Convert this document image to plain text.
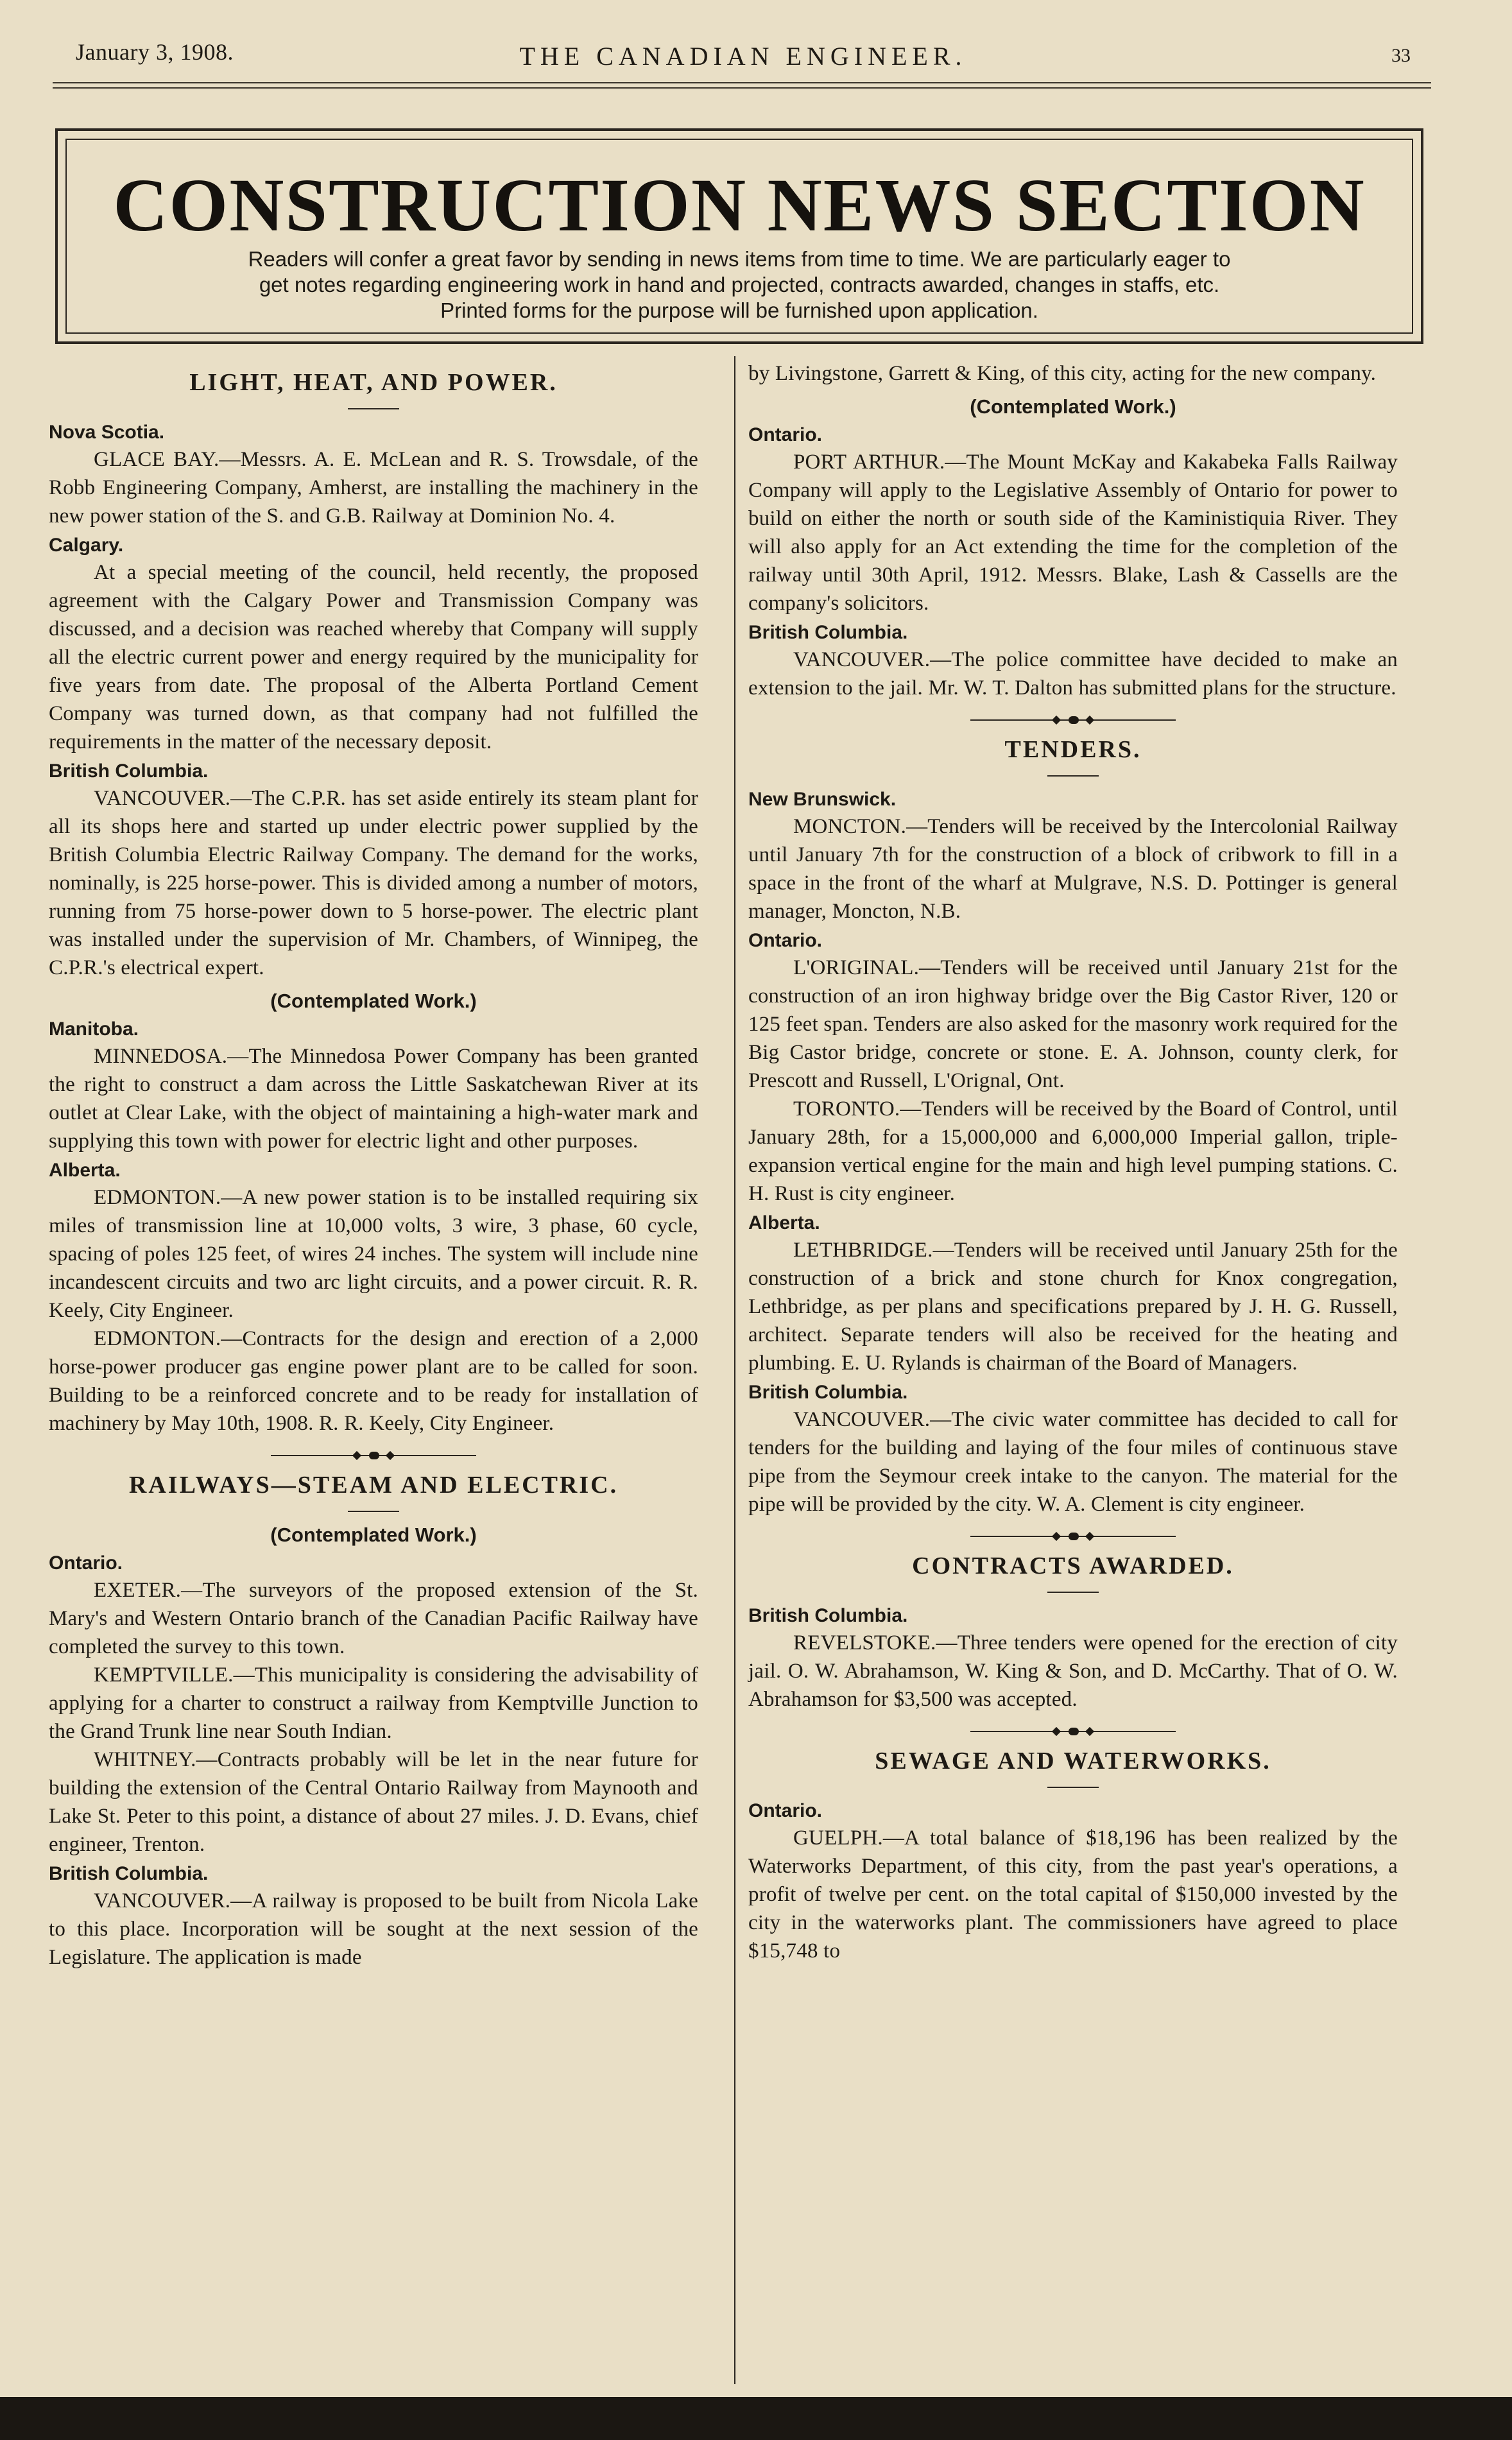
January 3, 1908.	THE CANADIAN ENGINEER.	33
CONSTRUCTION NEWS SECTION
Readers will confer a great favor by sending in news items from time to time. We are particularly eager to
get notes regarding engineering work in hand and projected, contracts awarded, changes in staffs, etc.
Printed forms for the purpose will be furnished upon application.
LIGHT, HEAT, AND POWER.
Nova Scotia.

GLACE BAY.—Messrs. A. E. McLean and R. S. Trowsdale, of the Robb Engineering Company, Amherst, are installing the machinery in the new power station of the S. and G.B. Railway at Dominion No. 4.

Calgary.

At a special meeting of the council, held recently, the proposed agreement with the Calgary Power and Transmission Company was discussed, and a decision was reached whereby that Company will supply all the electric current power and energy required by the municipality for five years from date. The proposal of the Alberta Portland Cement Company was turned down, as that company had not fulfilled the requirements in the matter of the necessary deposit.

British Columbia.

VANCOUVER.—The C.P.R. has set aside entirely its steam plant for all its shops here and started up under electric power supplied by the British Columbia Electric Railway Company. The demand for the works, nominally, is 225 horse-power. This is divided among a number of motors, running from 75 horse-power down to 5 horse-power. The electric plant was installed under the supervision of Mr. Chambers, of Winnipeg, the C.P.R.'s electrical expert.

(Contemplated Work.)
Manitoba.

MINNEDOSA.—The Minnedosa Power Company has been granted the right to construct a dam across the Little Saskatchewan River at its outlet at Clear Lake, with the object of maintaining a high-water mark and supplying this town with power for electric light and other purposes.

Alberta.

EDMONTON.—A new power station is to be installed requiring six miles of transmission line at 10,000 volts, 3 wire, 3 phase, 60 cycle, spacing of poles 125 feet, of wires 24 inches. The system will include nine incandescent circuits and two arc light circuits, and a power circuit. R. R. Keely, City Engineer.

EDMONTON.—Contracts for the design and erection of a 2,000 horse-power producer gas engine power plant are to be called for soon. Building to be a reinforced concrete and to be ready for installation of machinery by May 10th, 1908. R. R. Keely, City Engineer.

RAILWAYS—STEAM AND ELECTRIC.
(Contemplated Work.)
Ontario.

EXETER.—The surveyors of the proposed extension of the St. Mary's and Western Ontario branch of the Canadian Pacific Railway have completed the survey to this town.

KEMPTVILLE.—This municipality is considering the advisability of applying for a charter to construct a railway from Kemptville Junction to the Grand Trunk line near South Indian.

WHITNEY.—Contracts probably will be let in the near future for building the extension of the Central Ontario Railway from Maynooth and Lake St. Peter to this point, a distance of about 27 miles. J. D. Evans, chief engineer, Trenton.

British Columbia.

VANCOUVER.—A railway is proposed to be built from Nicola Lake to this place. Incorporation will be sought at the next session of the Legislature. The application is made

by Livingstone, Garrett & King, of this city, acting for the new company.

(Contemplated Work.)
Ontario.

PORT ARTHUR.—The Mount McKay and Kakabeka Falls Railway Company will apply to the Legislative Assembly of Ontario for power to build on either the north or south side of the Kaministiquia River. They will also apply for an Act extending the time for the completion of the railway until 30th April, 1912. Messrs. Blake, Lash & Cassells are the company's solicitors.

British Columbia.

VANCOUVER.—The police committee have decided to make an extension to the jail. Mr. W. T. Dalton has submitted plans for the structure.

TENDERS.
New Brunswick.

MONCTON.—Tenders will be received by the Intercolonial Railway until January 7th for the construction of a block of cribwork to fill in a space in the front of the wharf at Mulgrave, N.S. D. Pottinger is general manager, Moncton, N.B.

Ontario.

L'ORIGINAL.—Tenders will be received until January 21st for the construction of an iron highway bridge over the Big Castor River, 120 or 125 feet span. Tenders are also asked for the masonry work required for the Big Castor bridge, concrete or stone. E. A. Johnson, county clerk, for Prescott and Russell, L'Orignal, Ont.

TORONTO.—Tenders will be received by the Board of Control, until January 28th, for a 15,000,000 and 6,000,000 Imperial gallon, triple-expansion vertical engine for the main and high level pumping stations. C. H. Rust is city engineer.

Alberta.

LETHBRIDGE.—Tenders will be received until January 25th for the construction of a brick and stone church for Knox congregation, Lethbridge, as per plans and specifications prepared by J. H. G. Russell, architect. Separate tenders will also be received for the heating and plumbing. E. U. Rylands is chairman of the Board of Managers.

British Columbia.

VANCOUVER.—The civic water committee has decided to call for tenders for the building and laying of the four miles of continuous stave pipe from the Seymour creek intake to the canyon. The material for the pipe will be provided by the city. W. A. Clement is city engineer.

CONTRACTS AWARDED.
British Columbia.

REVELSTOKE.—Three tenders were opened for the erection of city jail. O. W. Abrahamson, W. King & Son, and D. McCarthy. That of O. W. Abrahamson for $3,500 was accepted.

SEWAGE AND WATERWORKS.
Ontario.

GUELPH.—A total balance of $18,196 has been realized by the Waterworks Department, of this city, from the past year's operations, a profit of twelve per cent. on the total capital of $150,000 invested by the city in the waterworks plant. The commissioners have agreed to place $15,748 to
